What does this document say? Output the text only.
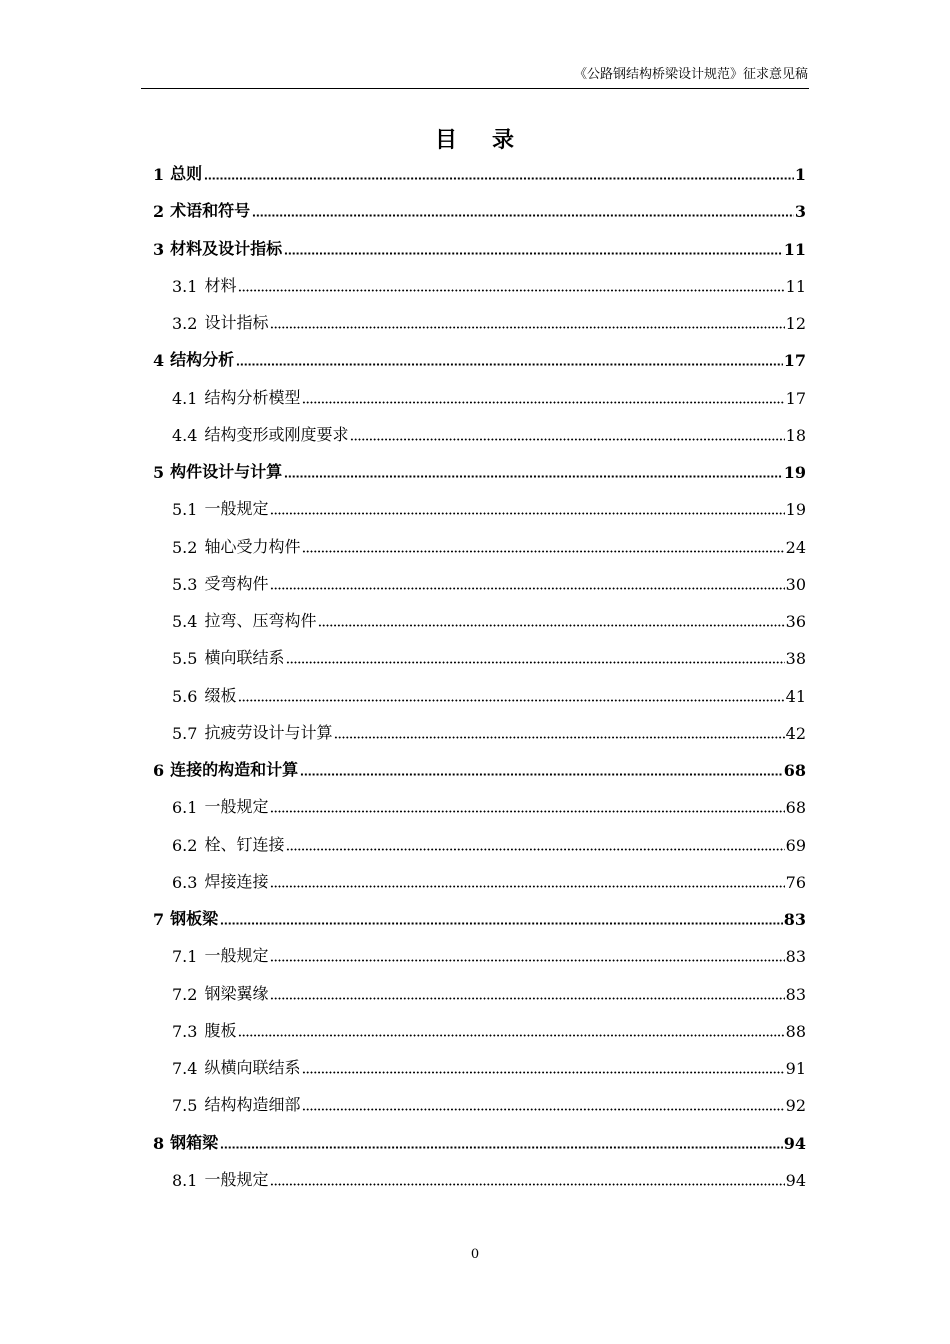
《公路钢结构桥梁设计规范》征求意见稿
目 录
1 总则	1
2 术语和符号	3
3 材料及设计指标	11
3.1 材料	11
3.2 设计指标	12
4 结构分析	17
4.1 结构分析模型	17
4.4 结构变形或刚度要求	18
5 构件设计与计算	19
5.1 一般规定	19
5.2 轴心受力构件	24
5.3 受弯构件	30
5.4 拉弯、压弯构件	36
5.5 横向联结系	38
5.6 缀板	41
5.7 抗疲劳设计与计算	42
6 连接的构造和计算	68
6.1 一般规定	68
6.2 栓、钉连接	69
6.3 焊接连接	76
7 钢板梁	83
7.1 一般规定	83
7.2 钢梁翼缘	83
7.3 腹板	88
7.4 纵横向联结系	91
7.5 结构构造细部	92
8 钢箱梁	94
8.1 一般规定	94
0
